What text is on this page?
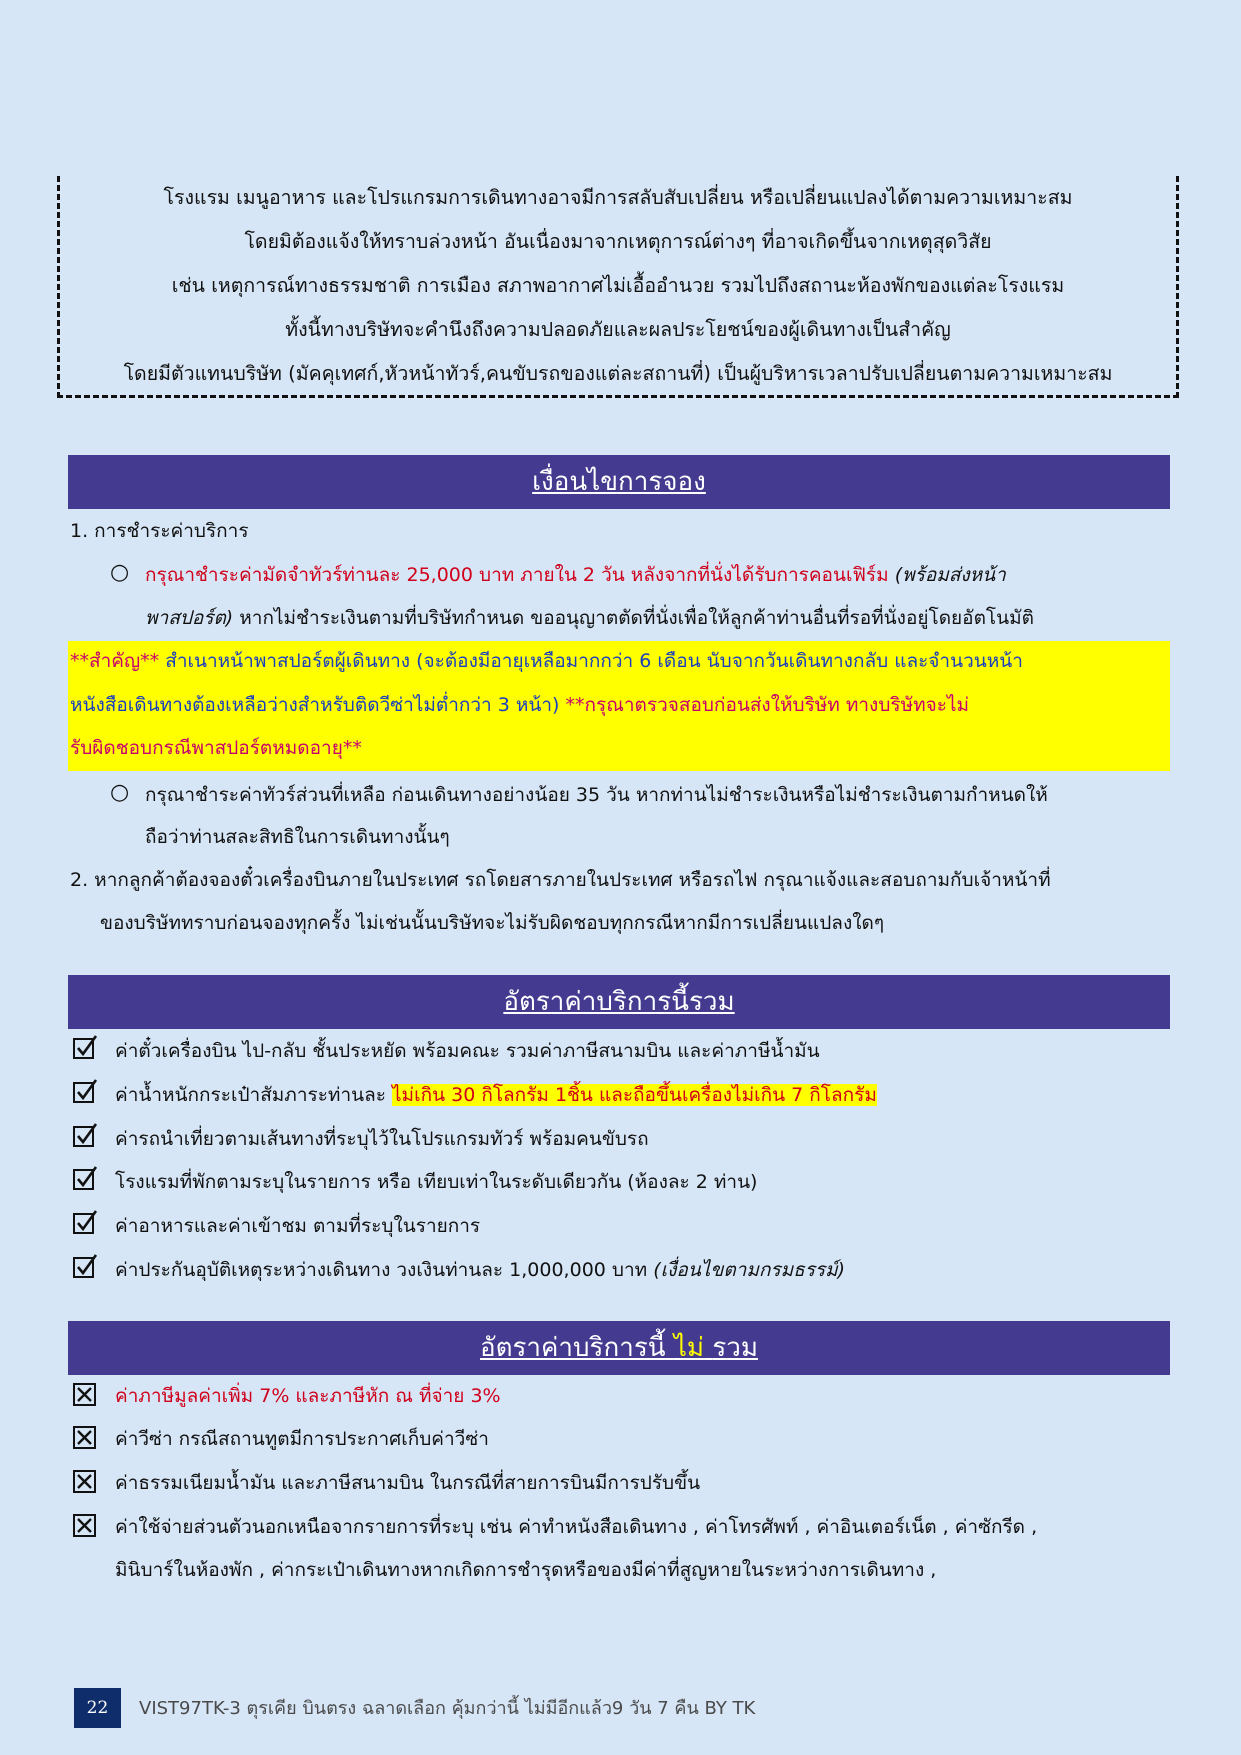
โรงแรม เมนูอาหาร และโปรแกรมการเดินทางอาจมีการสลับสับเปลี่ยน หรือเปลี่ยนแปลงได้ตามความเหมาะสม
โดยมิต้องแจ้งให้ทราบล่วงหน้า อันเนื่องมาจากเหตุการณ์ต่างๆ ที่อาจเกิดขึ้นจากเหตุสุดวิสัย
เช่น เหตุการณ์ทางธรรมชาติ การเมือง สภาพอากาศไม่เอื้ออำนวย รวมไปถึงสถานะห้องพักของแต่ละโรงแรม
ทั้งนี้ทางบริษัทจะคำนึงถึงความปลอดภัยและผลประโยชน์ของผู้เดินทางเป็นสำคัญ
โดยมีตัวแทนบริษัท (มัคคุเทศก์,หัวหน้าทัวร์,คนขับรถของแต่ละสถานที่) เป็นผู้บริหารเวลาปรับเปลี่ยนตามความเหมาะสม
เงื่อนไขการจอง
1. การชำระค่าบริการ
○ กรุณาชำระค่ามัดจำทัวร์ท่านละ 25,000 บาท ภายใน 2 วัน หลังจากที่นั่งได้รับการคอนเฟิร์ม (พร้อมส่งหน้า
พาสปอร์ต) หากไม่ชำระเงินตามที่บริษัทกำหนด ขออนุญาตตัดที่นั่งเพื่อให้ลูกค้าท่านอื่นที่รอที่นั่งอยู่โดยอัตโนมัติ
**สำคัญ** สำเนาหน้าพาสปอร์ตผู้เดินทาง (จะต้องมีอายุเหลือมากกว่า 6 เดือน นับจากวันเดินทางกลับ และจำนวนหน้า
หนังสือเดินทางต้องเหลือว่างสำหรับติดวีซ่าไม่ต่ำกว่า 3 หน้า) **กรุณาตรวจสอบก่อนส่งให้บริษัท ทางบริษัทจะไม่
รับผิดชอบกรณีพาสปอร์ตหมดอายุ**
○ กรุณาชำระค่าทัวร์ส่วนที่เหลือ ก่อนเดินทางอย่างน้อย 35 วัน หากท่านไม่ชำระเงินหรือไม่ชำระเงินตามกำหนดให้
ถือว่าท่านสละสิทธิในการเดินทางนั้นๆ
2. หากลูกค้าต้องจองตั๋วเครื่องบินภายในประเทศ รถโดยสารภายในประเทศ หรือรถไฟ กรุณาแจ้งและสอบถามกับเจ้าหน้าที่
ของบริษัททราบก่อนจองทุกครั้ง ไม่เช่นนั้นบริษัทจะไม่รับผิดชอบทุกกรณีหากมีการเปลี่ยนแปลงใดๆ
อัตราค่าบริการนี้รวม
ค่าตั๋วเครื่องบิน ไป-กลับ ชั้นประหยัด พร้อมคณะ รวมค่าภาษีสนามบิน และค่าภาษีน้ำมัน
ค่าน้ำหนักกระเป๋าสัมภาระท่านละ ไม่เกิน 30 กิโลกรัม 1ชิ้น และถือขึ้นเครื่องไม่เกิน 7 กิโลกรัม
ค่ารถนำเที่ยวตามเส้นทางที่ระบุไว้ในโปรแกรมทัวร์ พร้อมคนขับรถ
โรงแรมที่พักตามระบุในรายการ หรือ เทียบเท่าในระดับเดียวกัน (ห้องละ 2 ท่าน)
ค่าอาหารและค่าเข้าชม ตามที่ระบุในรายการ
ค่าประกันอุบัติเหตุระหว่างเดินทาง วงเงินท่านละ 1,000,000 บาท (เงื่อนไขตามกรมธรรม์)
อัตราค่าบริการนี้ ไม่ รวม
ค่าภาษีมูลค่าเพิ่ม 7% และภาษีหัก ณ ที่จ่าย 3%
ค่าวีซ่า กรณีสถานทูตมีการประกาศเก็บค่าวีซ่า
ค่าธรรมเนียมน้ำมัน และภาษีสนามบิน ในกรณีที่สายการบินมีการปรับขึ้น
ค่าใช้จ่ายส่วนตัวนอกเหนือจากรายการที่ระบุ เช่น ค่าทำหนังสือเดินทาง , ค่าโทรศัพท์ , ค่าอินเตอร์เน็ต , ค่าซักรีด ,
มินิบาร์ในห้องพัก , ค่ากระเป๋าเดินทางหากเกิดการชำรุดหรือของมีค่าที่สูญหายในระหว่างการเดินทาง ,
22	VIST97TK-3 ตุรเคีย บินตรง ฉลาดเลือก คุ้มกว่านี้ ไม่มีอีกแล้ว9 วัน 7 คืน BY TK
